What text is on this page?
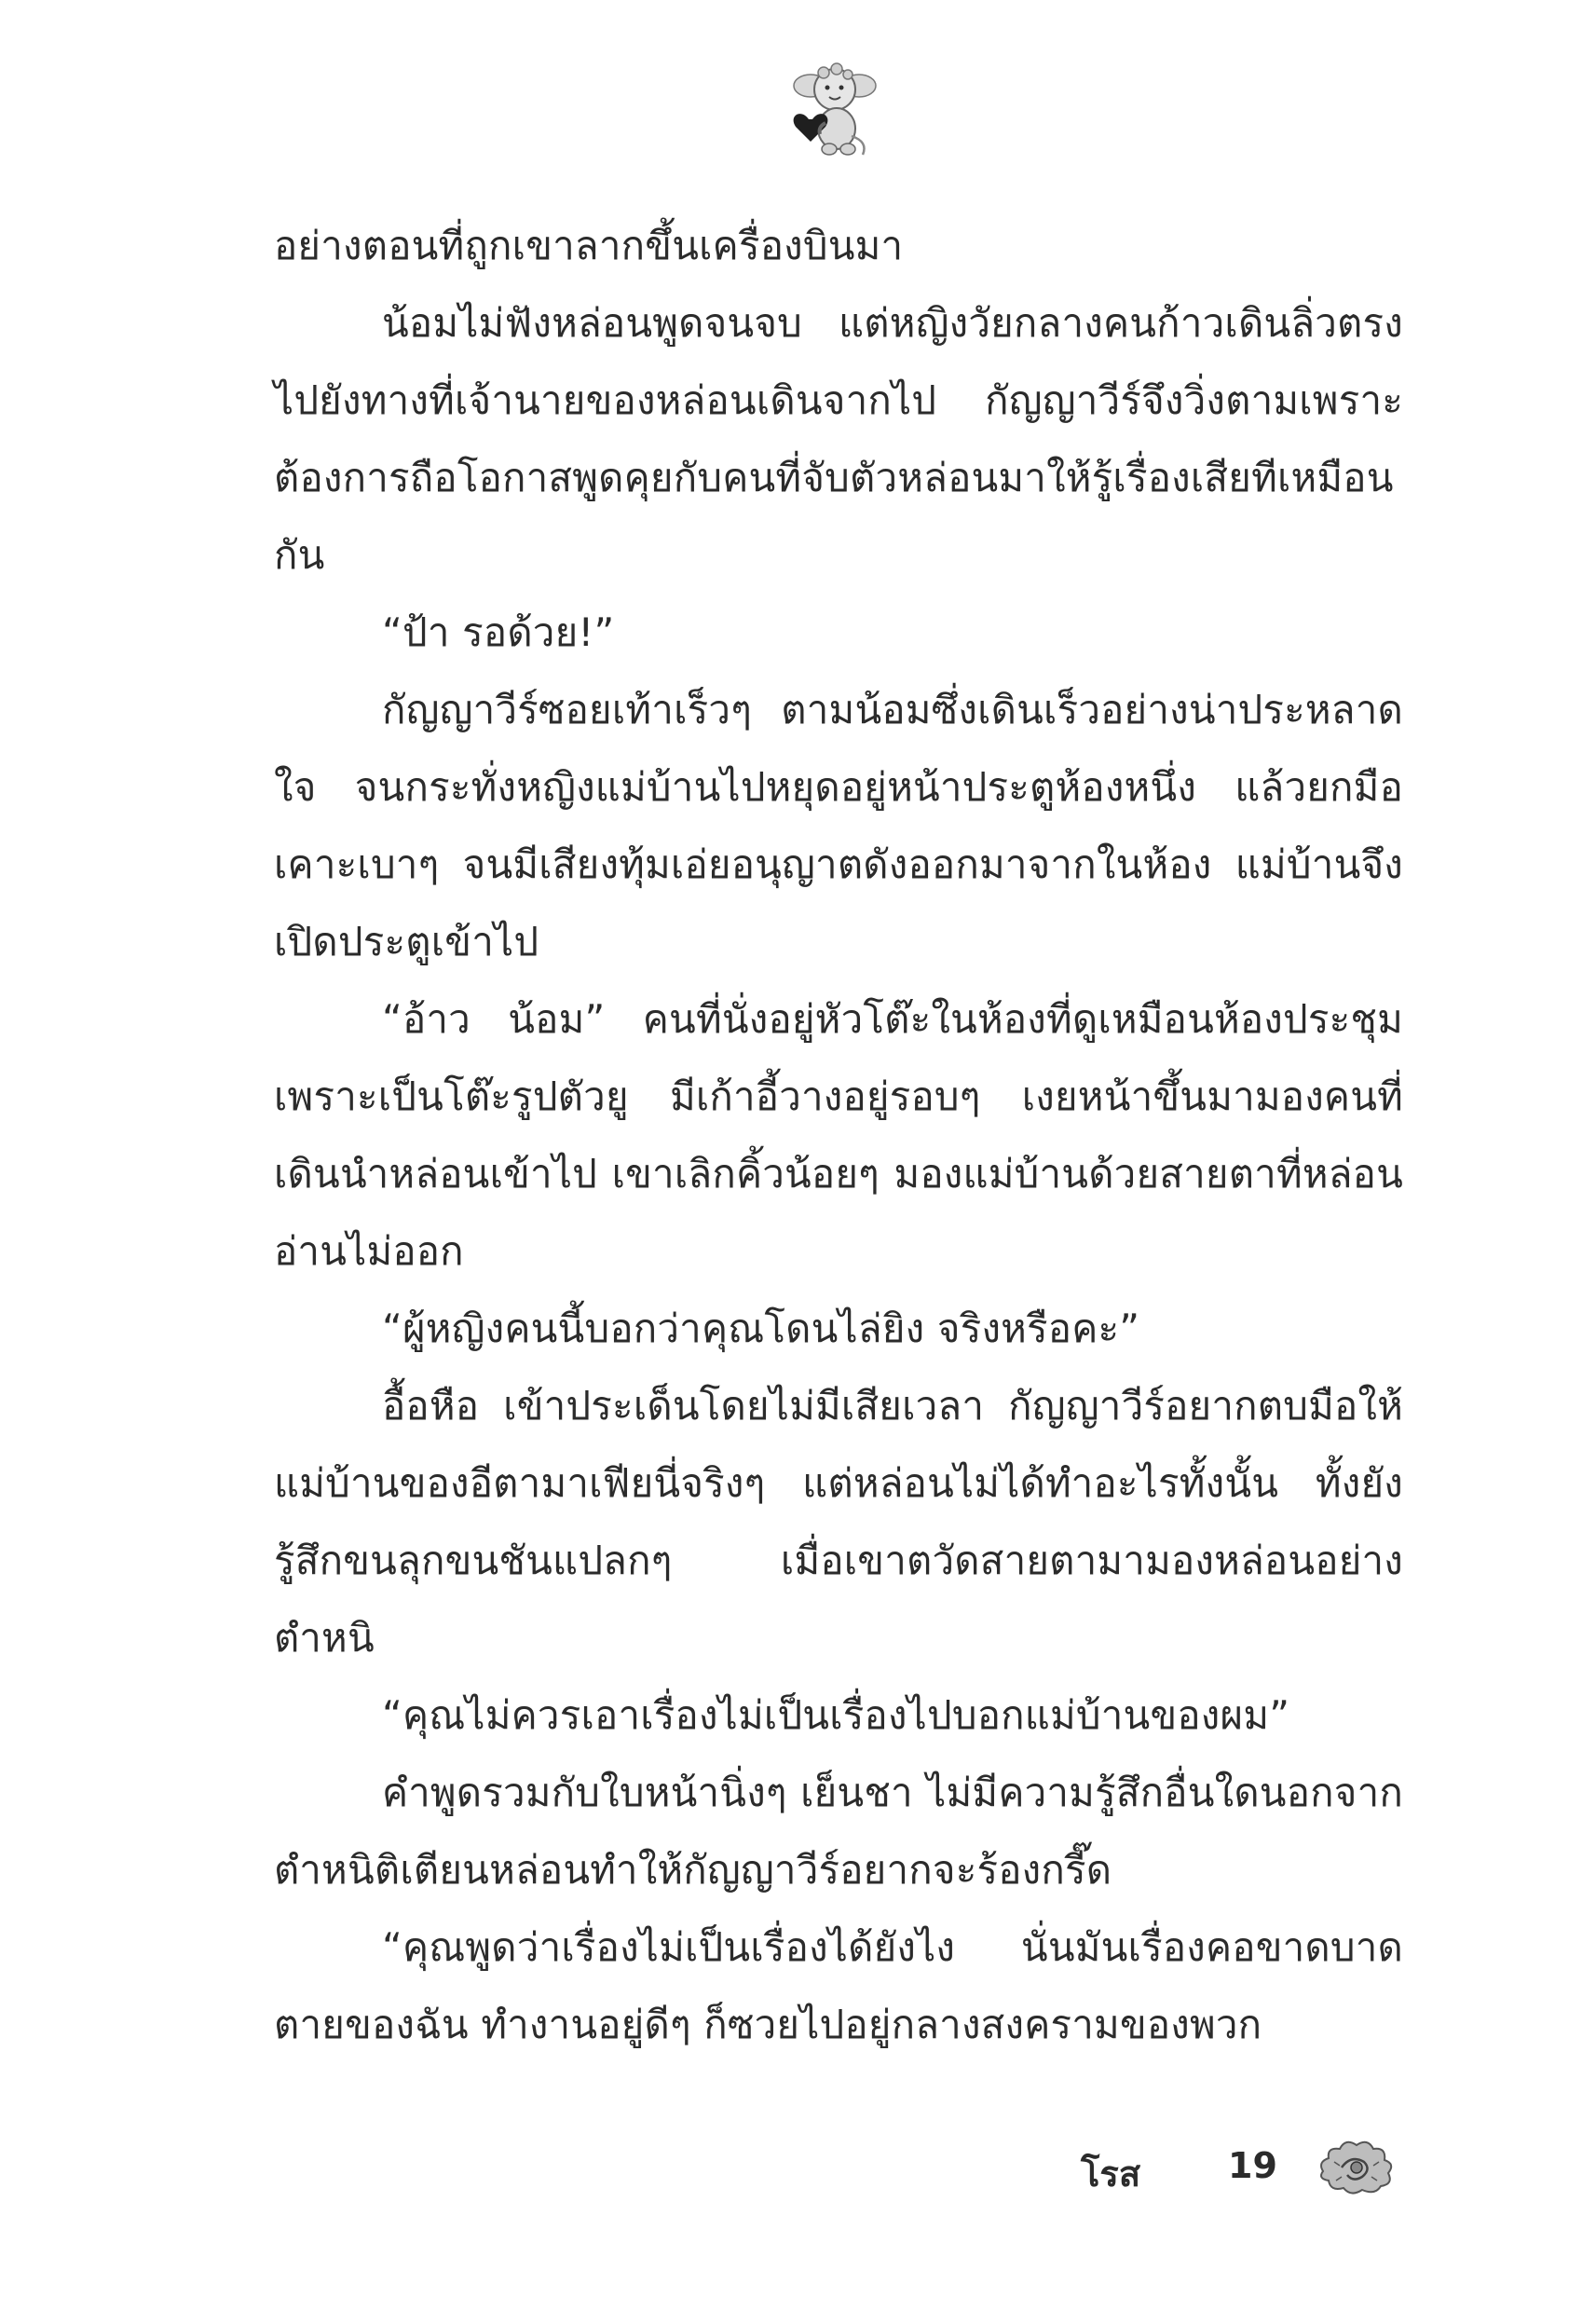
อย่างตอนที่ถูกเขาลากขึ้นเครื่องบินมา

น้อมไม่ฟังหล่อนพูดจนจบ แต่หญิงวัยกลางคนก้าวเดินลิ่วตรงไปยังทางที่เจ้านายของหล่อนเดินจากไป กัญญาวีร์จึงวิ่งตามเพราะต้องการถือโอกาสพูดคุยกับคนที่จับตัวหล่อนมาให้รู้เรื่องเสียทีเหมือนกัน

“ป้า รอด้วย!”

กัญญาวีร์ซอยเท้าเร็วๆ ตามน้อมซึ่งเดินเร็วอย่างน่าประหลาดใจ จนกระทั่งหญิงแม่บ้านไปหยุดอยู่หน้าประตูห้องหนึ่ง แล้วยกมือเคาะเบาๆ จนมีเสียงทุ้มเอ่ยอนุญาตดังออกมาจากในห้อง แม่บ้านจึงเปิดประตูเข้าไป

“อ้าว น้อม” คนที่นั่งอยู่หัวโต๊ะในห้องที่ดูเหมือนห้องประชุมเพราะเป็นโต๊ะรูปตัวยู มีเก้าอี้วางอยู่รอบๆ เงยหน้าขึ้นมามองคนที่เดินนำหล่อนเข้าไป เขาเลิกคิ้วน้อยๆ มองแม่บ้านด้วยสายตาที่หล่อนอ่านไม่ออก

“ผู้หญิงคนนี้บอกว่าคุณโดนไล่ยิง จริงหรือคะ”

อื้อหือ เข้าประเด็นโดยไม่มีเสียเวลา กัญญาวีร์อยากตบมือให้แม่บ้านของอีตามาเฟียนี่จริงๆ แต่หล่อนไม่ได้ทำอะไรทั้งนั้น ทั้งยังรู้สึกขนลุกขนชันแปลกๆ เมื่อเขาตวัดสายตามามองหล่อนอย่างตำหนิ

“คุณไม่ควรเอาเรื่องไม่เป็นเรื่องไปบอกแม่บ้านของผม”

คำพูดรวมกับใบหน้านิ่งๆ เย็นชา ไม่มีความรู้สึกอื่นใดนอกจากตำหนิติเตียนหล่อนทำให้กัญญาวีร์อยากจะร้องกรี๊ด

“คุณพูดว่าเรื่องไม่เป็นเรื่องได้ยังไง นั่นมันเรื่องคอขาดบาดตายของฉัน ทำงานอยู่ดีๆ ก็ซวยไปอยู่กลางสงครามของพวก

โรส 19
